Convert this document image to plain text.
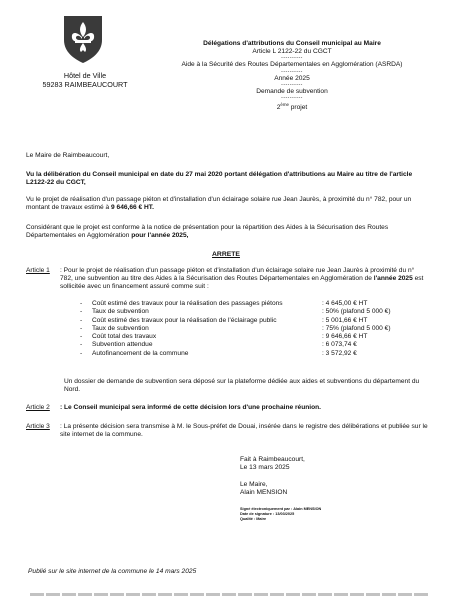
Hôtel de Ville
59283 RAIMBEAUCOURT
Délégations d'attributions du Conseil municipal au Maire
Article L 2122-22 du CGCT
----------
Aide à la Sécurité des Routes Départementales en Agglomération (ASRDA)
----------
Année 2025
----------
Demande de subvention
----------
2ème projet
Le Maire de Raimbeaucourt,
Vu la délibération du Conseil municipal en date du 27 mai 2020 portant délégation d'attributions au Maire au titre de l'article L2122-22 du CGCT,
Vu le projet de réalisation d'un passage piéton et d'installation d'un éclairage solaire rue Jean Jaurès, à proximité du n° 782, pour un montant de travaux estimé à 9 646,66 € HT.
Considérant que le projet est conforme à la notice de présentation pour la répartition des Aides à la Sécurisation des Routes Départementales en Agglomération pour l'année 2025,
ARRETE
Article 1 : Pour le projet de réalisation d'un passage piéton et d'installation d'un éclairage solaire rue Jean Jaurès à proximité du n° 782, une subvention au titre des Aides à la Sécurisation des Routes Départementales en Agglomération de l'année 2025 est sollicitée avec un financement assuré comme suit :
-	Coût estimé des travaux pour la réalisation des passages piétons	: 4 645,00 € HT
-	Taux de subvention	: 50% (plafond 5 000 €)
-	Coût estimé des travaux pour la réalisation de l'éclairage public	: 5 001,66 € HT
-	Taux de subvention	: 75% (plafond 5 000 €)
-	Coût total des travaux	: 9 646,66 € HT
-	Subvention attendue	: 6 073,74 €
-	Autofinancement de la commune	: 3 572,92 €
Un dossier de demande de subvention sera déposé sur la plateforme dédiée aux aides et subventions du département du Nord.
Article 2 : Le Conseil municipal sera informé de cette décision lors d'une prochaine réunion.
Article 3 : La présente décision sera transmise à M. le Sous-préfet de Douai, insérée dans le registre des délibérations et publiée sur le site internet de la commune.
Fait à Raimbeaucourt,
Le 13 mars 2025
Le Maire,
Alain MENSION
Signé électroniquement par : Alain MENSION
Date de signature : 13/03/2025
Qualité : Maire
Publié sur le site internet de la commune le 14 mars 2025
